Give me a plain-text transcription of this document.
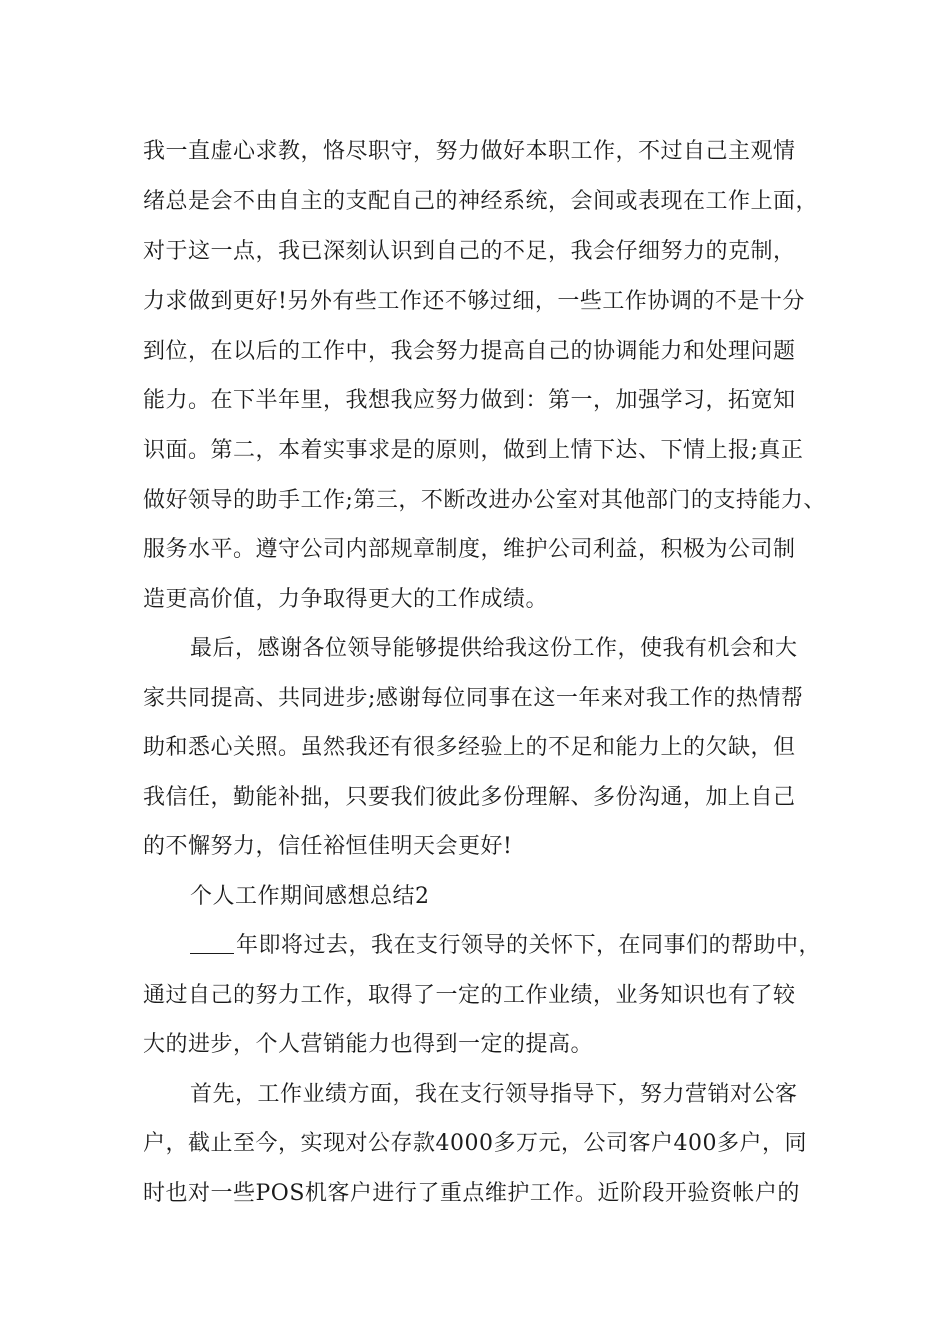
我一直虚心求教，恪尽职守，努力做好本职工作，不过自己主观情
绪总是会不由自主的支配自己的神经系统，会间或表现在工作上面，
对于这一点，我已深刻认识到自己的不足，我会仔细努力的克制，
力求做到更好!另外有些工作还不够过细，一些工作协调的不是十分
到位，在以后的工作中，我会努力提高自己的协调能力和处理问题
能力。在下半年里，我想我应努力做到：第一，加强学习，拓宽知
识面。第二，本着实事求是的原则，做到上情下达、下情上报;真正
做好领导的助手工作;第三，不断改进办公室对其他部门的支持能力、
服务水平。遵守公司内部规章制度，维护公司利益，积极为公司制
造更高价值，力争取得更大的工作成绩。
最后，感谢各位领导能够提供给我这份工作，使我有机会和大
家共同提高、共同进步;感谢每位同事在这一年来对我工作的热情帮
助和悉心关照。虽然我还有很多经验上的不足和能力上的欠缺，但
我信任，勤能补拙，只要我们彼此多份理解、多份沟通，加上自己
的不懈努力，信任裕恒佳明天会更好!
个人工作期间感想总结2
年即将过去，我在支行领导的关怀下，在同事们的帮助中，
通过自己的努力工作，取得了一定的工作业绩，业务知识也有了较
大的进步，个人营销能力也得到一定的提高。
首先，工作业绩方面，我在支行领导指导下，努力营销对公客
户，截止至今，实现对公存款4000多万元，公司客户400多户，同
时也对一些POS机客户进行了重点维护工作。近阶段开验资帐户的
